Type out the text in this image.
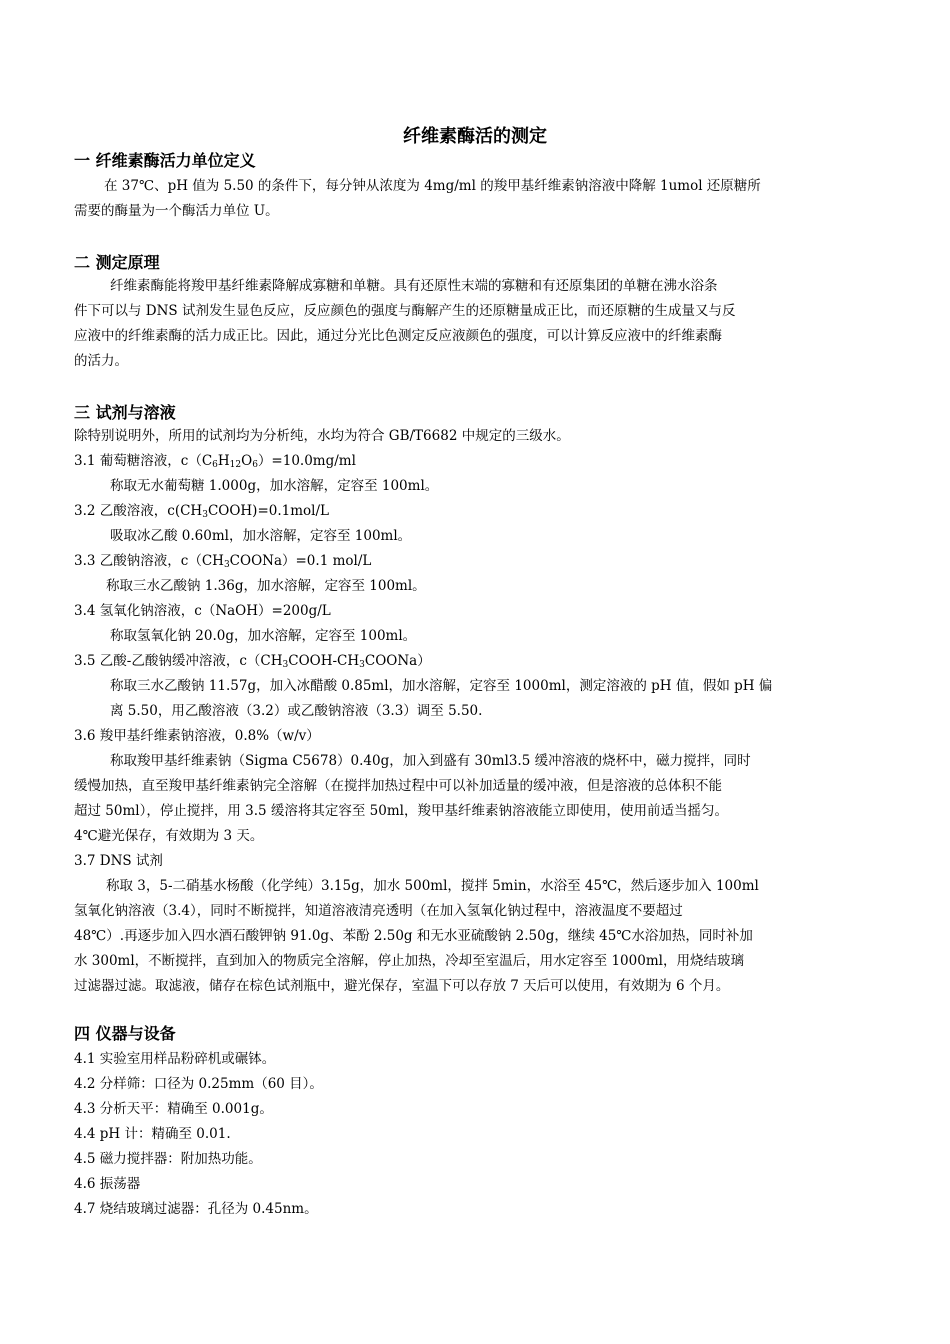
纤维素酶活的测定
一 纤维素酶活力单位定义
在 37℃、pH 值为 5.50 的条件下，每分钟从浓度为 4mg/ml 的羧甲基纤维素钠溶液中降解 1umol 还原糖所
需要的酶量为一个酶活力单位 U。
二 测定原理
纤维素酶能将羧甲基纤维素降解成寡糖和单糖。具有还原性末端的寡糖和有还原集团的单糖在沸水浴条
件下可以与 DNS 试剂发生显色反应，反应颜色的强度与酶解产生的还原糖量成正比，而还原糖的生成量又与反
应液中的纤维素酶的活力成正比。因此，通过分光比色测定反应液颜色的强度，可以计算反应液中的纤维素酶
的活力。
三 试剂与溶液
除特别说明外，所用的试剂均为分析纯，水均为符合 GB/T6682 中规定的三级水。
3.1 葡萄糖溶液，$c(C_6H_{12}O_6)=10.0mg/ml$
称取无水葡萄糖 1.000g，加水溶解，定容至 100ml。
3.2 乙酸溶液，$c(CH_3COOH)=0.1mol/L$
吸取冰乙酸 0.60ml，加水溶解，定容至 100ml。
3.3 乙酸钠溶液，$c(CH_3COONa)=0.1$ mol/L
称取三水乙酸钠 1.36g，加水溶解，定容至 100ml。
3.4 氢氧化钠溶液，c（NaOH）=200g/L
称取氢氧化钠 20.0g，加水溶解，定容至 100ml。
3.5 乙酸-乙酸钠缓冲溶液，$c(CH_3COOH-CH_3COONa)$
称取三水乙酸钠 11.57g，加入冰醋酸 0.85ml，加水溶解，定容至 1000ml，测定溶液的 pH 值，假如 pH 偏
离 5.50，用乙酸溶液（3.2）或乙酸钠溶液（3.3）调至 5.50.
3.6 羧甲基纤维素钠溶液，0.8%（w/v）
称取羧甲基纤维素钠（Sigma C5678）0.40g，加入到盛有 30ml3.5 缓冲溶液的烧杯中，磁力搅拌，同时
缓慢加热，直至羧甲基纤维素钠完全溶解（在搅拌加热过程中可以补加适量的缓冲液，但是溶液的总体积不能
超过 50ml），停止搅拌，用 3.5 缓溶将其定容至 50ml，羧甲基纤维素钠溶液能立即使用，使用前适当摇匀。
4℃避光保存，有效期为 3 天。
3.7 DNS 试剂
称取 3，5-二硝基水杨酸（化学纯）3.15g，加水 500ml，搅拌 5min，水浴至 45℃，然后逐步加入 100ml
氢氧化钠溶液（3.4），同时不断搅拌，知道溶液清亮透明（在加入氢氧化钠过程中，溶液温度不要超过
48℃）.再逐步加入四水酒石酸钾钠 91.0g、苯酚 2.50g 和无水亚硫酸钠 2.50g，继续 45℃水浴加热，同时补加
水 300ml，不断搅拌，直到加入的物质完全溶解，停止加热，冷却至室温后，用水定容至 1000ml，用烧结玻璃
过滤器过滤。取滤液，储存在棕色试剂瓶中，避光保存，室温下可以存放 7 天后可以使用，有效期为 6 个月。
四 仪器与设备
4.1 实验室用样品粉碎机或碾钵。
4.2 分样筛：口径为 0.25mm（60 目）。
4.3 分析天平：精确至 0.001g。
4.4 pH 计：精确至 0.01.
4.5 磁力搅拌器：附加热功能。
4.6 振荡器
4.7 烧结玻璃过滤器：孔径为 0.45nm。
